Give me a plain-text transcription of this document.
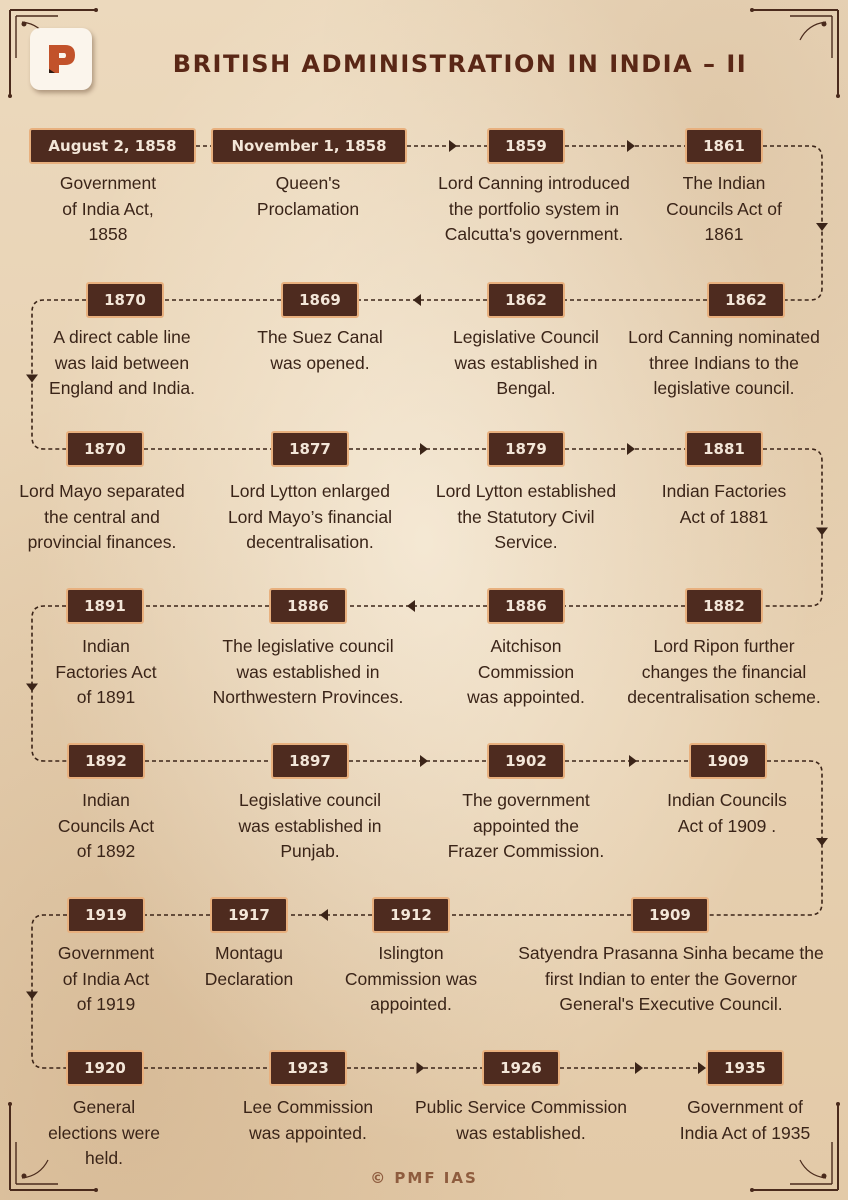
BRITISH ADMINISTRATION IN INDIA – II
August 2, 1858
Government
of India Act,
1858
November 1, 1858
Queen's
Proclamation
1859
Lord Canning introduced
the portfolio system in
Calcutta's government.
1861
The Indian
Councils Act of
1861
1862
Lord Canning nominated
three Indians to the
legislative council.
1862
Legislative Council
was established in
Bengal.
1869
The Suez Canal
was opened.
1870
A direct cable line
was laid between
England and India.
1870
Lord Mayo separated
the central and
provincial finances.
1877
Lord Lytton enlarged
Lord Mayo’s financial
decentralisation.
1879
Lord Lytton established
the Statutory Civil
Service.
1881
Indian Factories
Act of 1881
1882
Lord Ripon further
changes the financial
decentralisation scheme.
1886
Aitchison
Commission
was appointed.
1886
The legislative council
was established in
Northwestern Provinces.
1891
Indian
Factories Act
of 1891
1892
Indian
Councils Act
of 1892
1897
Legislative council
was established in
Punjab.
1902
The government
appointed the
Frazer Commission.
1909
Indian Councils
Act of 1909 .
1909
Satyendra Prasanna Sinha became the
first Indian to enter the Governor
General's Executive Council.
1912
Islington
Commission was
appointed.
1917
Montagu
Declaration
1919
Government
of India Act
of 1919
1920
General
elections were
held.
1923
Lee Commission
was appointed.
1926
Public Service Commission
was established.
1935
Government of
India Act of 1935
© PMF IAS
